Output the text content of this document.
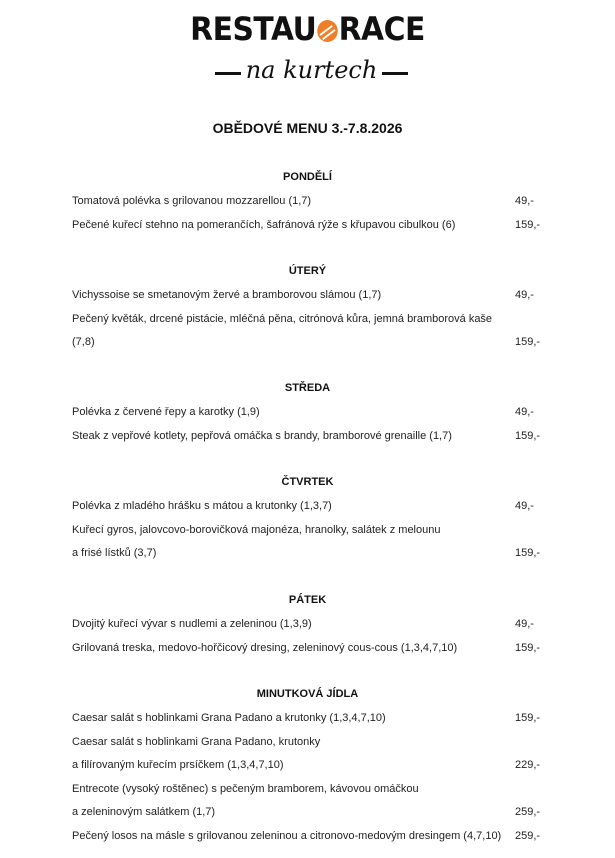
RESTAU RACE
na kurtech
OBĚDOVÉ MENU 3.-7.8.2026
PONDĚLÍ
Tomatová polévka s grilovanou mozzarellou (1,7)	49,-
Pečené kuřecí stehno na pomerančích, šafránová rýže s křupavou cibulkou (6)	159,-
ÚTERÝ
Vichyssoise se smetanovým žervé a bramborovou slámou (1,7)	49,-
Pečený květák, drcené pistácie, mléčná pěna, citrónová kůra, jemná bramborová kaše
(7,8)	159,-
STŘEDA
Polévka z červené řepy a karotky (1,9)	49,-
Steak z vepřové kotlety, pepřová omáčka s brandy, bramborové grenaille (1,7)	159,-
ČTVRTEK
Polévka z mladého hrášku s mátou a krutonky (1,3,7)	49,-
Kuřecí gyros, jalovcovo-borovičková majonéza, hranolky, salátek z melounu
a frisé lístků (3,7)	159,-
PÁTEK
Dvojitý kuřecí vývar s nudlemi a zeleninou (1,3,9)	49,-
Grilovaná treska, medovo-hořčicový dresing, zeleninový cous-cous (1,3,4,7,10)	159,-
MINUTKOVÁ JÍDLA
Caesar salát s hoblinkami Grana Padano a krutonky (1,3,4,7,10)	159,-
Caesar salát s hoblinkami Grana Padano, krutonky
a filírovaným kuřecím prsíčkem (1,3,4,7,10)	229,-
Entrecote (vysoký roštěnec) s pečeným bramborem, kávovou omáčkou
a zeleninovým salátkem (1,7)	259,-
Pečený losos na másle s grilovanou zeleninou a citronovo-medovým dresingem (4,7,10) 259,-
